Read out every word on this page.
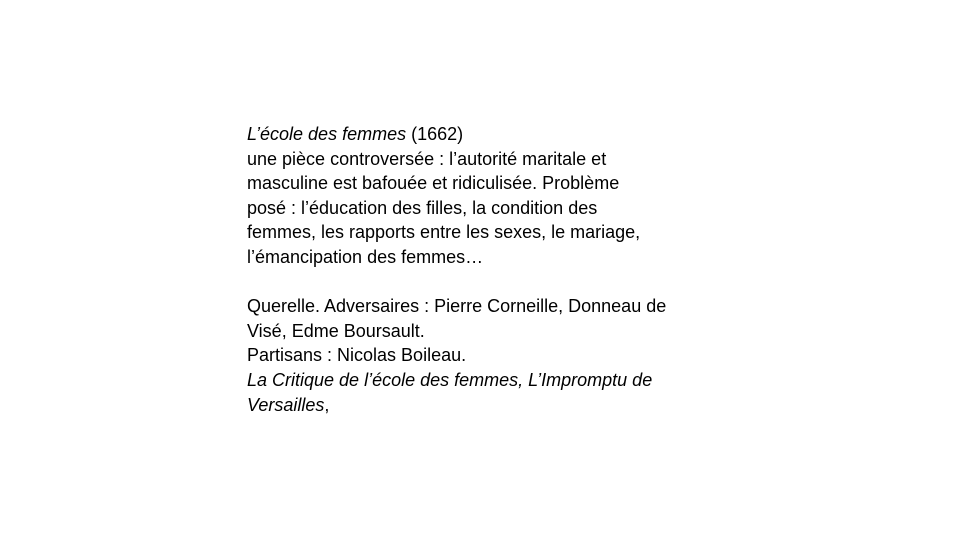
L’école des femmes (1662)
une pièce controversée : l’autorité maritale et
masculine est bafouée et ridiculisée. Problème
posé : l’éducation des filles, la condition des
femmes, les rapports entre les sexes, le mariage,
l’émancipation des femmes…
Querelle. Adversaires : Pierre Corneille, Donneau de
Visé, Edme Boursault.
Partisans : Nicolas Boileau.
La Critique de l’école des femmes, L’Impromptu de
Versailles,
